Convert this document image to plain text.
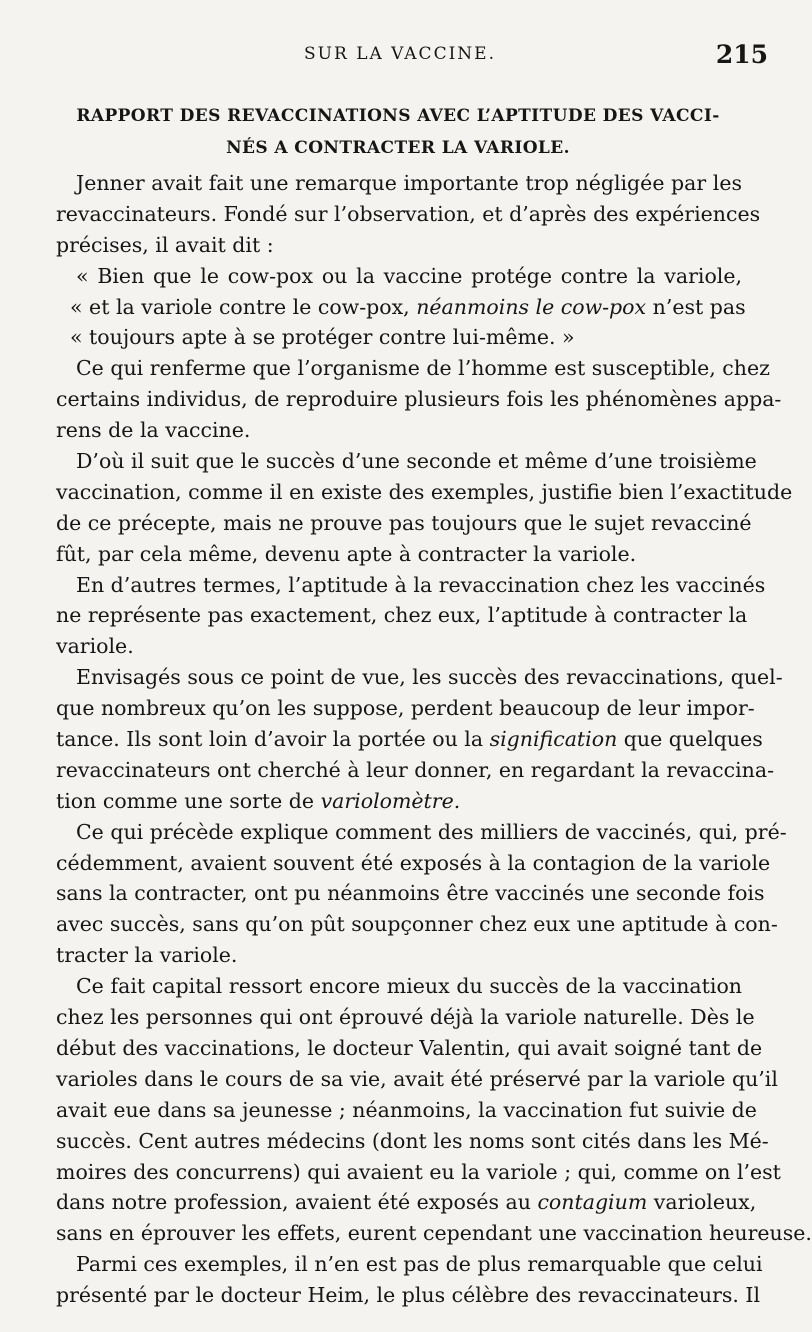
SUR LA VACCINE.	215
RAPPORT DES REVACCINATIONS AVEC L’APTITUDE DES VACCI-
NÉS A CONTRACTER LA VARIOLE.
Jenner avait fait une remarque importante trop négligée par les
revaccinateurs. Fondé sur l’observation, et d’après des expériences
précises, il avait dit :
« Bien que le cow-pox ou la vaccine protége contre la variole,
« et la variole contre le cow-pox, néanmoins le cow-pox n’est pas
« toujours apte à se protéger contre lui-même. »
Ce qui renferme que l’organisme de l’homme est susceptible, chez
certains individus, de reproduire plusieurs fois les phénomènes appa-
rens de la vaccine.
D’où il suit que le succès d’une seconde et même d’une troisième
vaccination, comme il en existe des exemples, justifie bien l’exactitude
de ce précepte, mais ne prouve pas toujours que le sujet revacciné
fût, par cela même, devenu apte à contracter la variole.
En d’autres termes, l’aptitude à la revaccination chez les vaccinés
ne représente pas exactement, chez eux, l’aptitude à contracter la
variole.
Envisagés sous ce point de vue, les succès des revaccinations, quel-
que nombreux qu’on les suppose, perdent beaucoup de leur impor-
tance. Ils sont loin d’avoir la portée ou la signification que quelques
revaccinateurs ont cherché à leur donner, en regardant la revaccina-
tion comme une sorte de variolomètre.
Ce qui précède explique comment des milliers de vaccinés, qui, pré-
cédemment, avaient souvent été exposés à la contagion de la variole
sans la contracter, ont pu néanmoins être vaccinés une seconde fois
avec succès, sans qu’on pût soupçonner chez eux une aptitude à con-
tracter la variole.
Ce fait capital ressort encore mieux du succès de la vaccination
chez les personnes qui ont éprouvé déjà la variole naturelle. Dès le
début des vaccinations, le docteur Valentin, qui avait soigné tant de
varioles dans le cours de sa vie, avait été préservé par la variole qu’il
avait eue dans sa jeunesse ; néanmoins, la vaccination fut suivie de
succès. Cent autres médecins (dont les noms sont cités dans les Mé-
moires des concurrens) qui avaient eu la variole ; qui, comme on l’est
dans notre profession, avaient été exposés au contagium varioleux,
sans en éprouver les effets, eurent cependant une vaccination heureuse.
Parmi ces exemples, il n’en est pas de plus remarquable que celui
présenté par le docteur Heim, le plus célèbre des revaccinateurs. Il
